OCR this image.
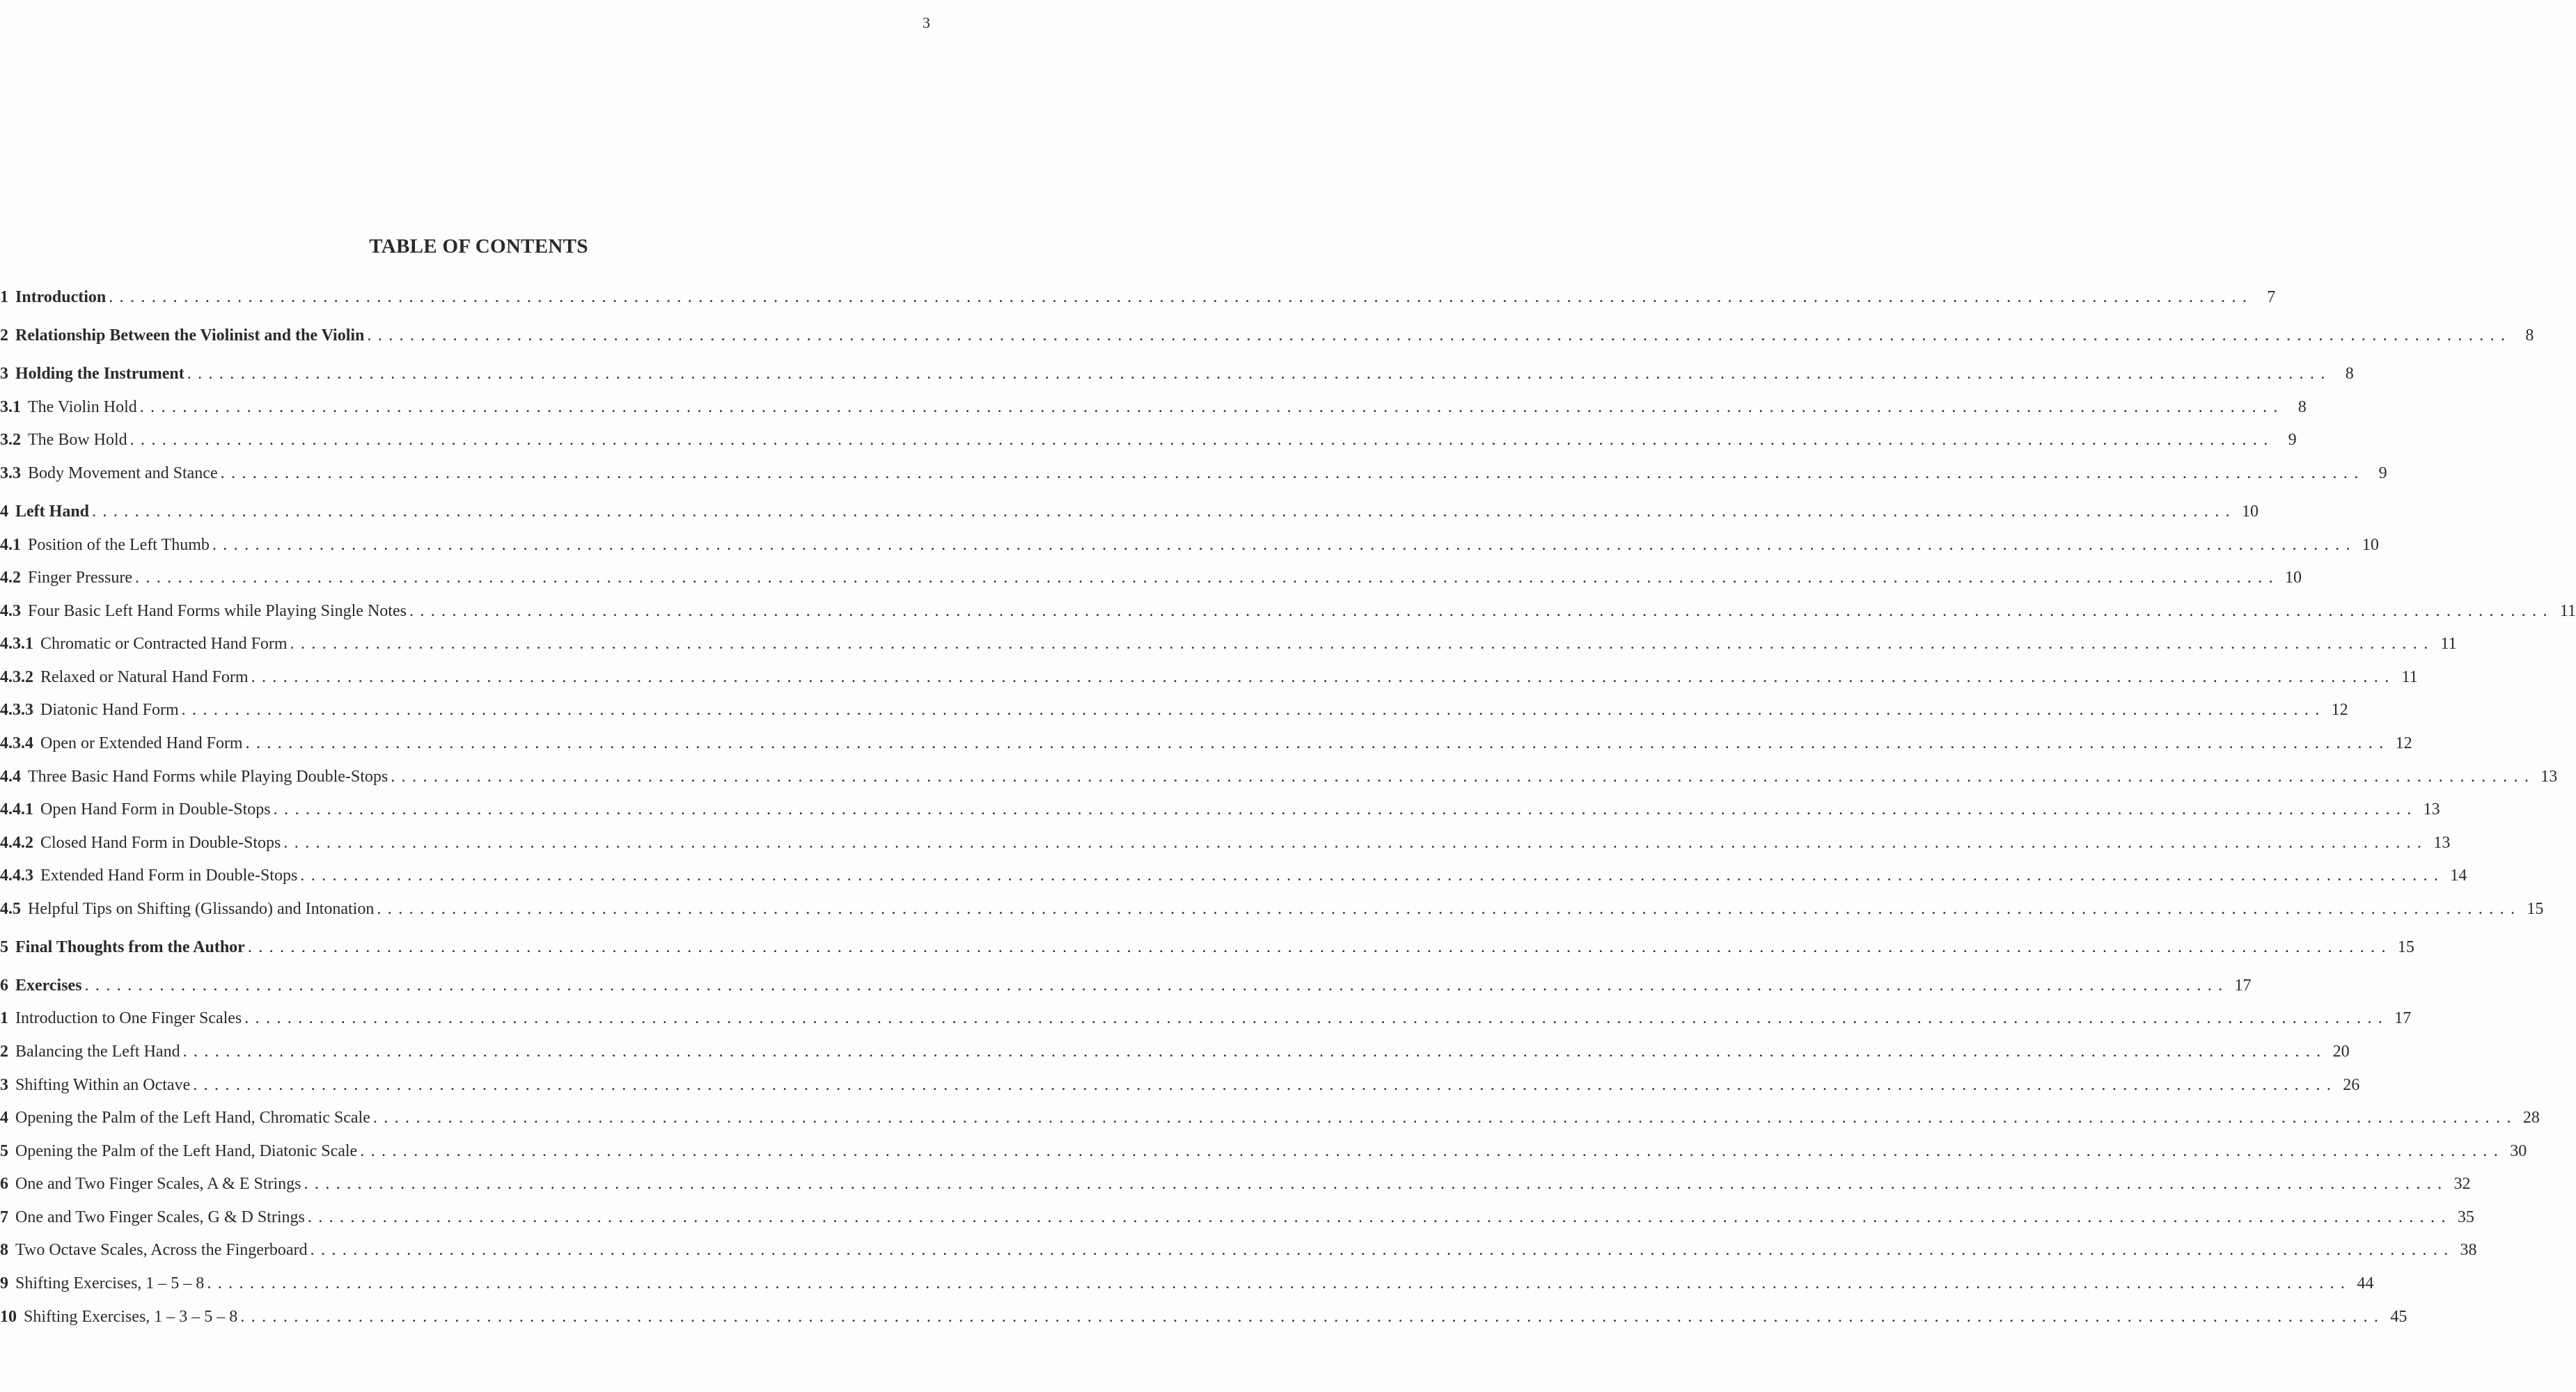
3
TABLE OF CONTENTS
1 Introduction ........................................................................................................................................................................................................ 7
2 Relationship Between the Violinist and the Violin ........................................................................................................................................................................................................ 8
3 Holding the Instrument ........................................................................................................................................................................................................ 8
3.1 The Violin Hold ........................................................................................................................................................................................................ 8
3.2 The Bow Hold ........................................................................................................................................................................................................ 9
3.3 Body Movement and Stance ........................................................................................................................................................................................................ 9
4 Left Hand ........................................................................................................................................................................................................ 10
4.1 Position of the Left Thumb ........................................................................................................................................................................................................ 10
4.2 Finger Pressure ........................................................................................................................................................................................................ 10
4.3 Four Basic Left Hand Forms while Playing Single Notes ........................................................................................................................................................................................................ 11
4.3.1 Chromatic or Contracted Hand Form ........................................................................................................................................................................................................ 11
4.3.2 Relaxed or Natural Hand Form ........................................................................................................................................................................................................ 11
4.3.3 Diatonic Hand Form ........................................................................................................................................................................................................ 12
4.3.4 Open or Extended Hand Form ........................................................................................................................................................................................................ 12
4.4 Three Basic Hand Forms while Playing Double-Stops ........................................................................................................................................................................................................ 13
4.4.1 Open Hand Form in Double-Stops ........................................................................................................................................................................................................ 13
4.4.2 Closed Hand Form in Double-Stops ........................................................................................................................................................................................................ 13
4.4.3 Extended Hand Form in Double-Stops ........................................................................................................................................................................................................ 14
4.5 Helpful Tips on Shifting (Glissando) and Intonation ........................................................................................................................................................................................................ 15
5 Final Thoughts from the Author ........................................................................................................................................................................................................ 15
6 Exercises ........................................................................................................................................................................................................ 17
1 Introduction to One Finger Scales ........................................................................................................................................................................................................ 17
2 Balancing the Left Hand ........................................................................................................................................................................................................ 20
3 Shifting Within an Octave ........................................................................................................................................................................................................ 26
4 Opening the Palm of the Left Hand, Chromatic Scale ........................................................................................................................................................................................................ 28
5 Opening the Palm of the Left Hand, Diatonic Scale ........................................................................................................................................................................................................ 30
6 One and Two Finger Scales, A & E Strings ........................................................................................................................................................................................................ 32
7 One and Two Finger Scales, G & D Strings ........................................................................................................................................................................................................ 35
8 Two Octave Scales, Across the Fingerboard ........................................................................................................................................................................................................ 38
9 Shifting Exercises, 1 – 5 – 8 ........................................................................................................................................................................................................ 44
10 Shifting Exercises, 1 – 3 – 5 – 8 ........................................................................................................................................................................................................ 45
